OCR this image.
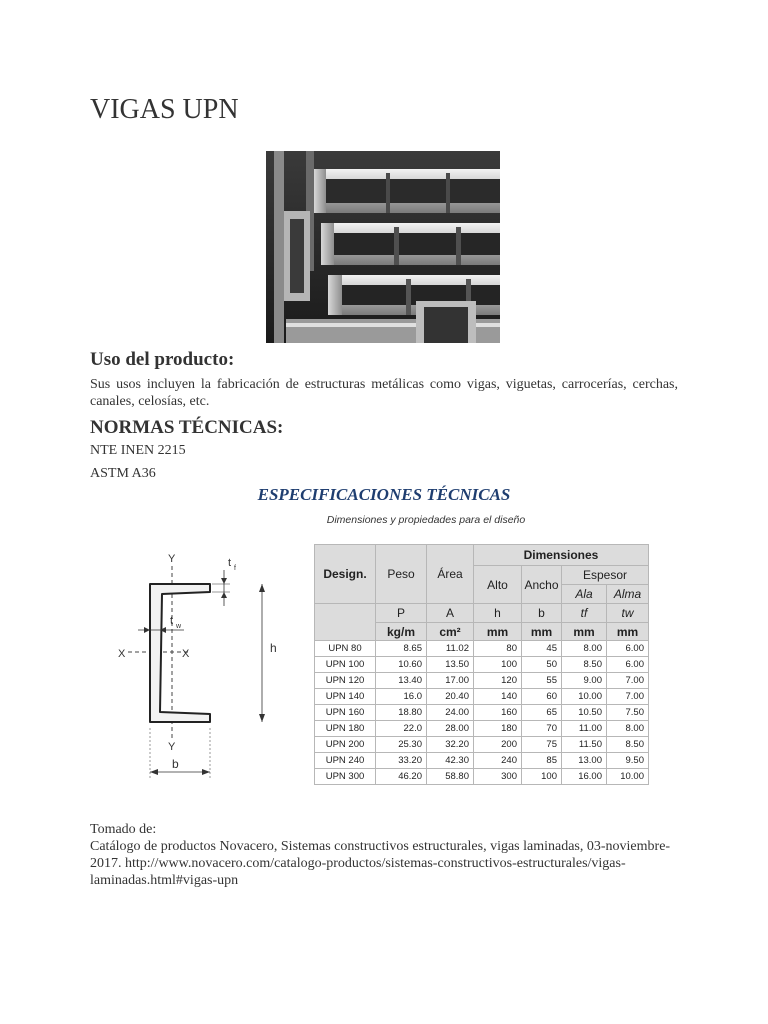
VIGAS UPN
Uso del producto:
Sus usos incluyen la fabricación de estructuras metálicas como vigas, viguetas, carrocerías, cerchas, canales, celosías, etc.
NORMAS TÉCNICAS:
NTE INEN 2215
ASTM A36
ESPECIFICACIONES TÉCNICAS
Dimensiones y propiedades para el diseño
Y
Y
X	X
t f
t w
h
b
Design.	Peso	Área	Dimensiones			
			Alto	Ancho	Espesor	
					Ala	Alma
	P	A	h	b	tf	tw
	kg/m	cm²	mm	mm	mm	mm
UPN 80	8.65	11.02	80	45	8.00	6.00
UPN 100	10.60	13.50	100	50	8.50	6.00
UPN 120	13.40	17.00	120	55	9.00	7.00
UPN 140	16.0	20.40	140	60	10.00	7.00
UPN 160	18.80	24.00	160	65	10.50	7.50
UPN 180	22.0	28.00	180	70	11.00	8.00
UPN 200	25.30	32.20	200	75	11.50	8.50
UPN 240	33.20	42.30	240	85	13.00	9.50
UPN 300	46.20	58.80	300	100	16.00	10.00
Tomado de:
Catálogo de productos Novacero, Sistemas constructivos estructurales, vigas laminadas, 03-noviembre- 2017. http://www.novacero.com/catalogo-productos/sistemas-constructivos-estructurales/vigas-laminadas.html#vigas-upn
